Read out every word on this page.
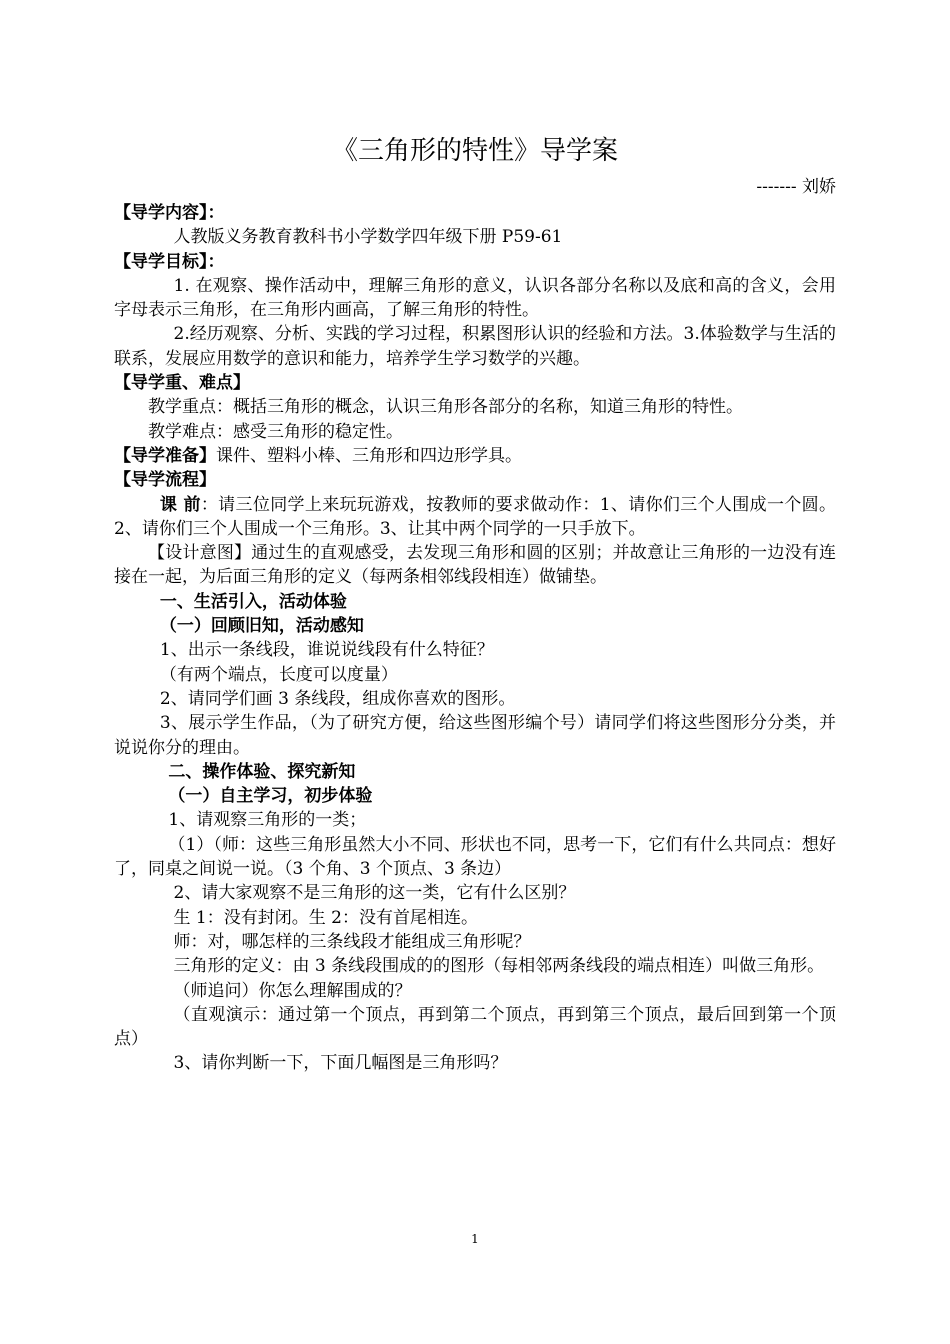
《三角形的特性》导学案
------- 刘娇

【导学内容】：

人教版义务教育教科书小学数学四年级下册 P59-61

【导学目标】：

1. 在观察、操作活动中，理解三角形的意义，认识各部分名称以及底和高的含义，会用字母表示三角形，在三角形内画高，了解三角形的特性。

2.经历观察、分析、实践的学习过程，积累图形认识的经验和方法。3.体验数学与生活的联系，发展应用数学的意识和能力，培养学生学习数学的兴趣。

【导学重、难点】

教学重点：概括三角形的概念，认识三角形各部分的名称，知道三角形的特性。

教学难点：感受三角形的稳定性。

【导学准备】课件、塑料小棒、三角形和四边形学具。

【导学流程】

课 前：请三位同学上来玩玩游戏，按教师的要求做动作：1、请你们三个人围成一个圆。2、请你们三个人围成一个三角形。3、让其中两个同学的一只手放下。

【设计意图】通过生的直观感受，去发现三角形和圆的区别；并故意让三角形的一边没有连接在一起，为后面三角形的定义（每两条相邻线段相连）做铺垫。

一、生活引入，活动体验

（一）回顾旧知，活动感知

1、出示一条线段，谁说说线段有什么特征？

（有两个端点，长度可以度量）

2、请同学们画 3 条线段，组成你喜欢的图形。

3、展示学生作品，（为了研究方便，给这些图形编个号）请同学们将这些图形分分类，并说说你分的理由。

二、操作体验、探究新知

（一）自主学习，初步体验

1、请观察三角形的一类；

（1）（师：这些三角形虽然大小不同、形状也不同，思考一下，它们有什么共同点：想好了，同桌之间说一说。（3 个角、3 个顶点、3 条边）

2、请大家观察不是三角形的这一类，它有什么区别？

生 1：没有封闭。生 2：没有首尾相连。

师：对，哪怎样的三条线段才能组成三角形呢？

三角形的定义：由 3 条线段围成的的图形（每相邻两条线段的端点相连）叫做三角形。

（师追问）你怎么理解围成的？

（直观演示：通过第一个顶点，再到第二个顶点，再到第三个顶点，最后回到第一个顶点）

3、请你判断一下，下面几幅图是三角形吗？

1
